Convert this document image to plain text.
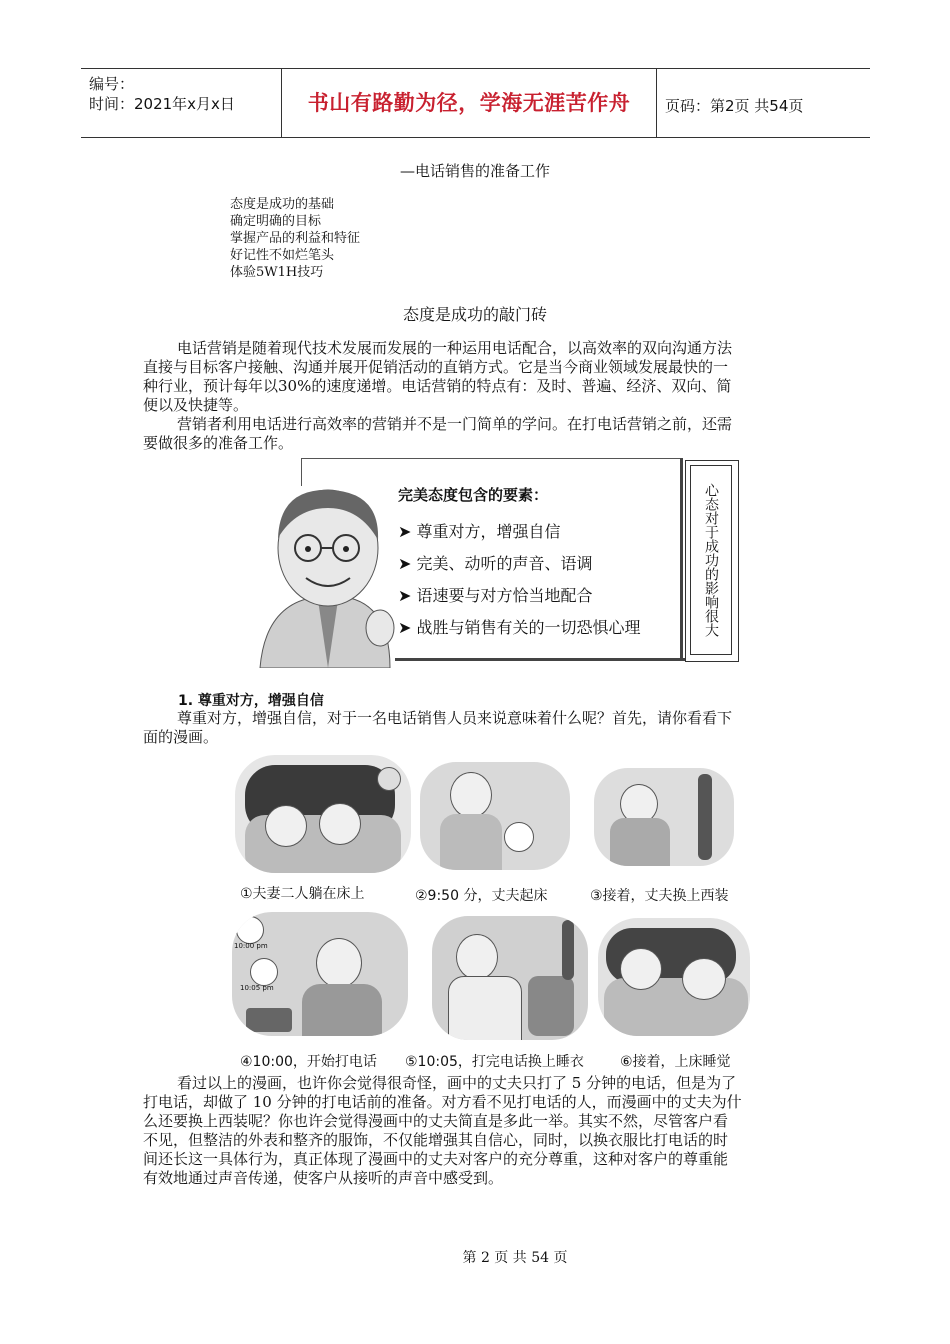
编号：
时间：2021年x月x日	书山有路勤为径，学海无涯苦作舟	页码：第2页 共54页
—电话销售的准备工作
态度是成功的基础
确定明确的目标
掌握产品的利益和特征
好记性不如烂笔头
体验5W1H技巧
态度是成功的敲门砖
电话营销是随着现代技术发展而发展的一种运用电话配合，以高效率的双向沟通方法
直接与目标客户接触、沟通并展开促销活动的直销方式。它是当今商业领域发展最快的一
种行业，预计每年以30%的速度递增。电话营销的特点有：及时、普遍、经济、双向、简
便以及快捷等。
营销者利用电话进行高效率的营销并不是一门简单的学问。在打电话营销之前，还需
要做很多的准备工作。
完美态度包含的要素：
➤ 尊重对方，增强自信
➤ 完美、动听的声音、语调
➤ 语速要与对方恰当地配合
➤ 战胜与销售有关的一切恐惧心理	心态对于成功的影响很大
1. 尊重对方，增强自信
尊重对方，增强自信，对于一名电话销售人员来说意味着什么呢？首先，请你看看下
面的漫画。
①夫妻二人躺在床上	②9:50 分，丈夫起床	③接着，丈夫换上西装
10:00 pm
10:05 pm
④10:00，开始打电话 ⑤10:05，打完电话换上睡衣	⑥接着，上床睡觉
看过以上的漫画，也许你会觉得很奇怪，画中的丈夫只打了 5 分钟的电话，但是为了
打电话，却做了 10 分钟的打电话前的准备。对方看不见打电话的人，而漫画中的丈夫为什
么还要换上西装呢？你也许会觉得漫画中的丈夫简直是多此一举。其实不然，尽管客户看
不见，但整洁的外表和整齐的服饰，不仅能增强其自信心，同时，以换衣服比打电话的时
间还长这一具体行为，真正体现了漫画中的丈夫对客户的充分尊重，这种对客户的尊重能
有效地通过声音传递，使客户从接听的声音中感受到。
第 2 页 共 54 页
